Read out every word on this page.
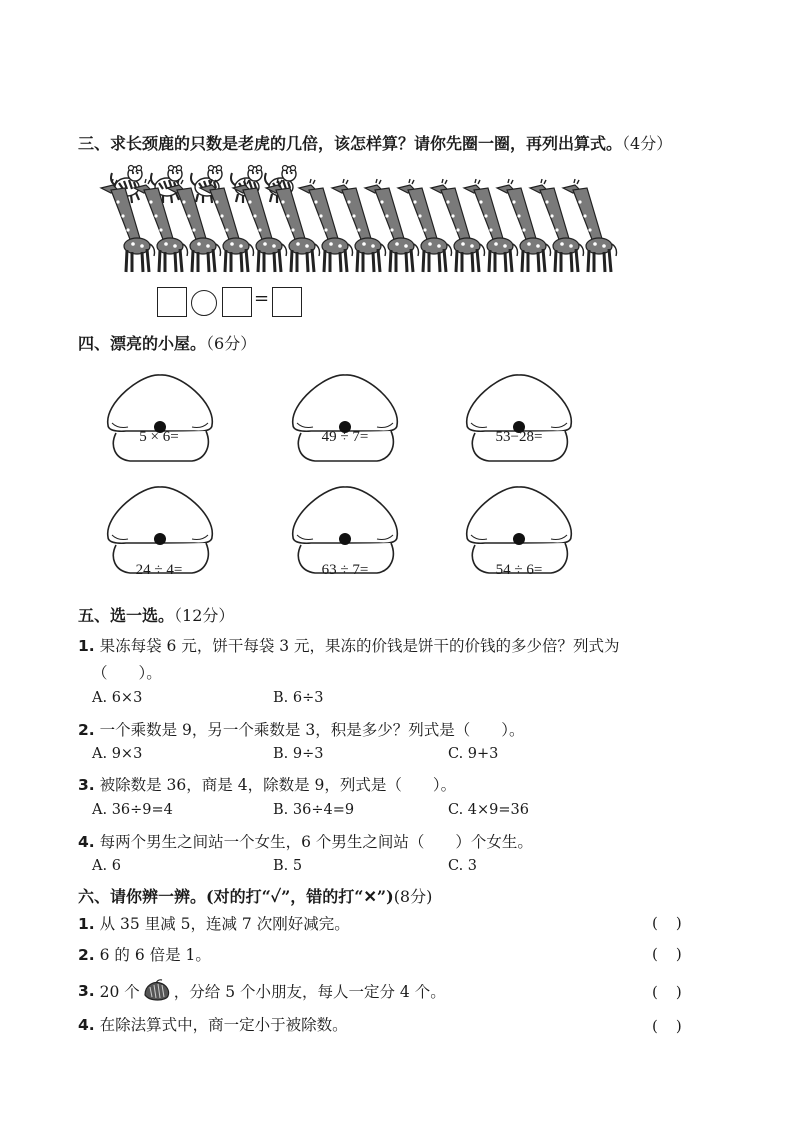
三、求长颈鹿的只数是老虎的几倍，该怎样算？请你先圈一圈，再列出算式。（4分）
=
四、漂亮的小屋。（6分）
5 × 6=	49 ÷ 7=	53−28=
24 ÷ 4=	63 ÷ 7=	54 ÷ 6=
五、选一选。（12分）
1. 果冻每袋 6 元，饼干每袋 3 元，果冻的价钱是饼干的价钱的多少倍？列式为
（　　）。
A. 6×3	B. 6÷3
2. 一个乘数是 9，另一个乘数是 3，积是多少？列式是（　　）。
A. 9×3	B. 9÷3	C. 9+3
3. 被除数是 36，商是 4，除数是 9，列式是（　　）。
A. 36÷9=4	B. 36÷4=9	C. 4×9=36
4. 每两个男生之间站一个女生，6 个男生之间站（　　）个女生。
A. 6	B. 5	C. 3
六、请你辨一辨。(对的打“✓”，错的打“✕”)(8分)
1. 从 35 里减 5，连减 7 次刚好减完。	()
2. 6 的 6 倍是 1。	()
3.
20 个 ，分给 5 个小朋友，每人一定分 4 个。	()
4. 在除法算式中，商一定小于被除数。	()
